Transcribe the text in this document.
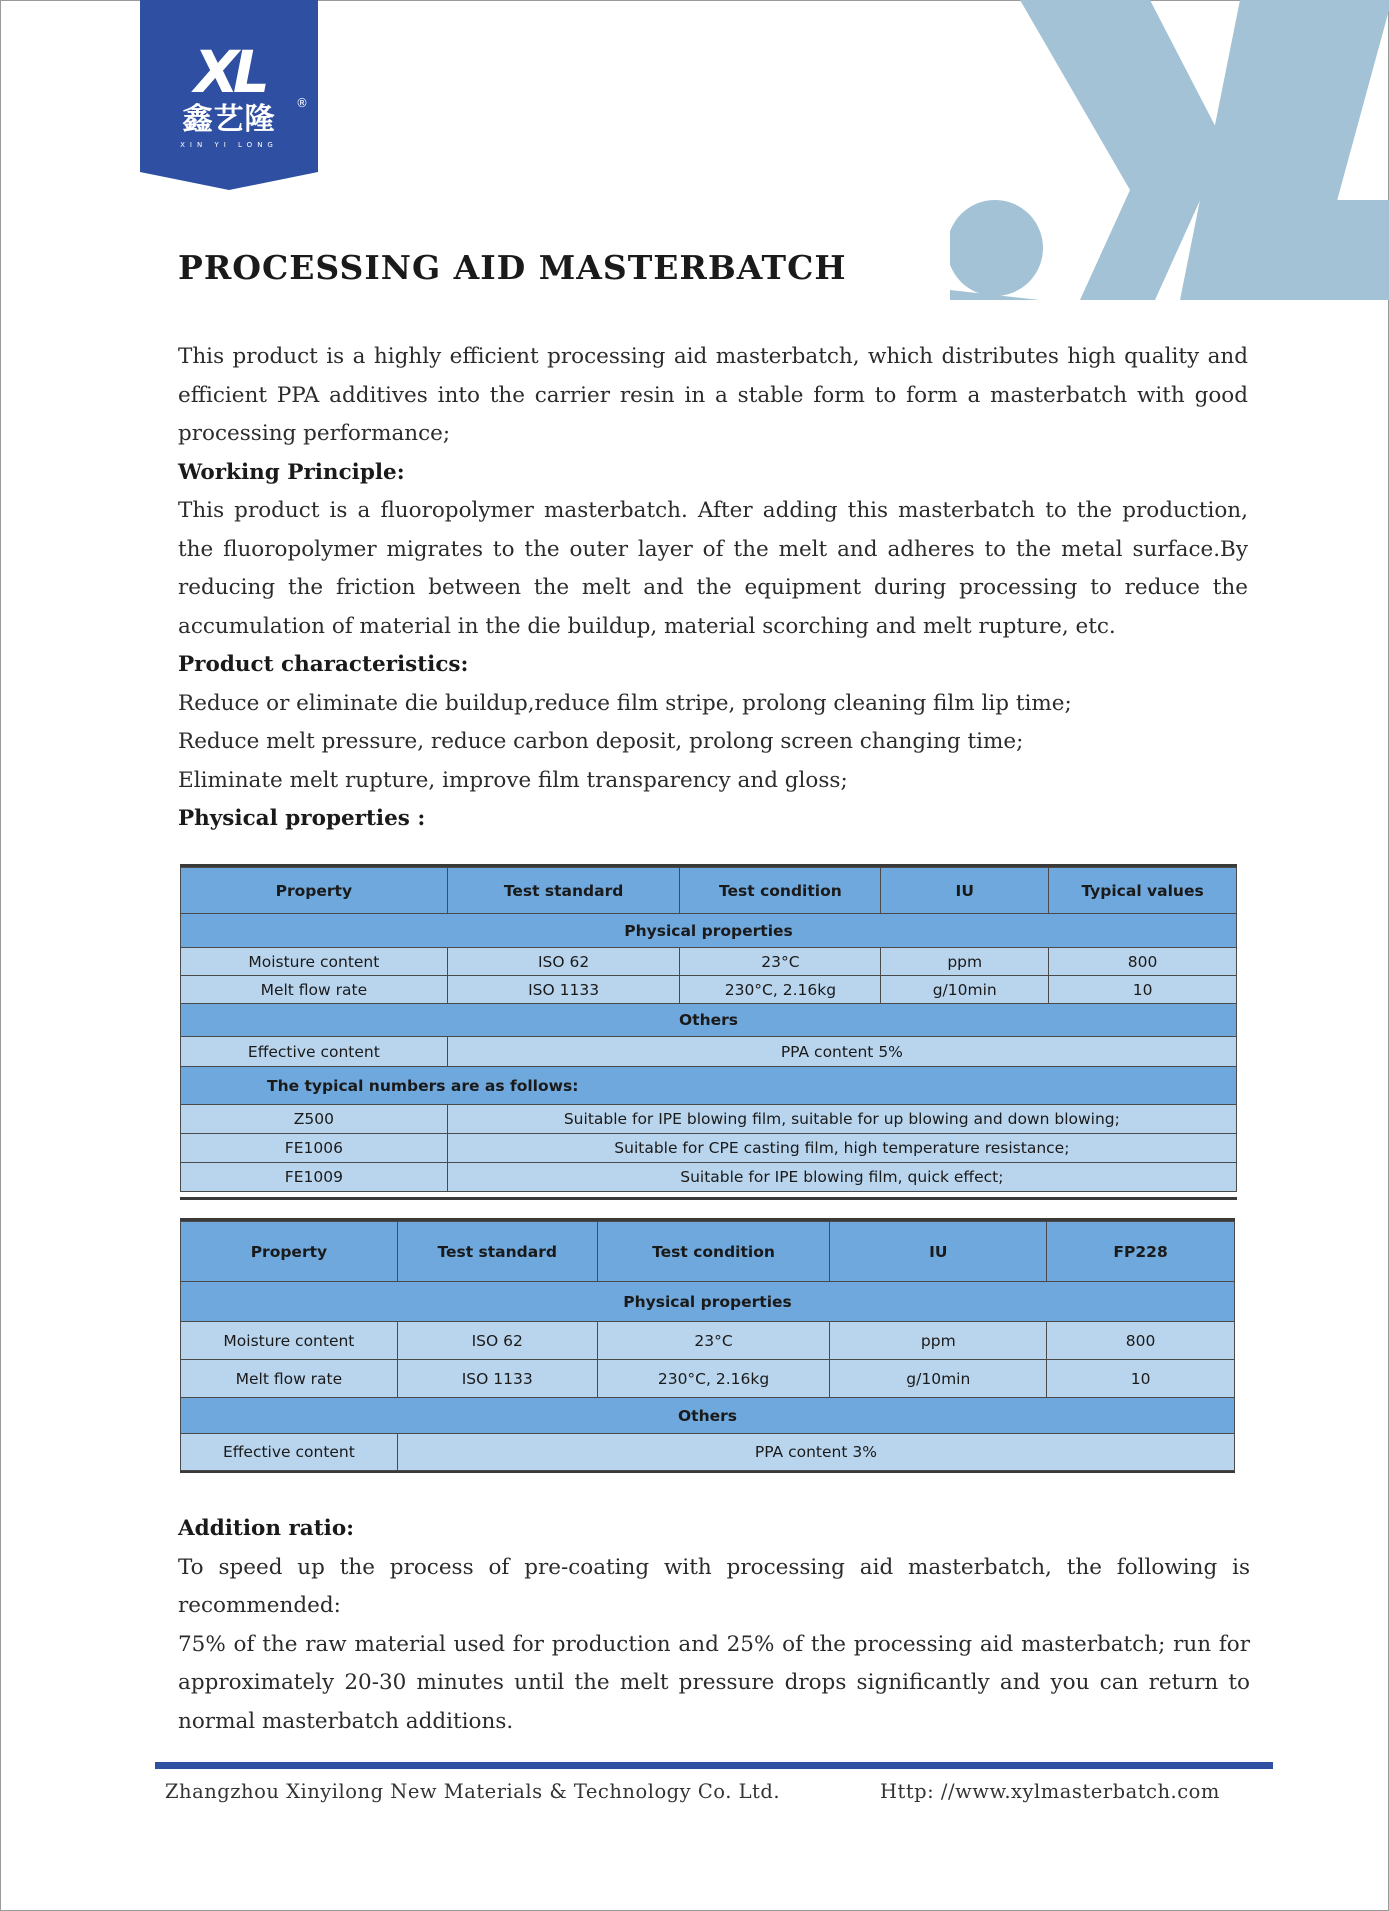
XL
鑫艺隆	®
XIN YI LONG
PROCESSING AID MASTERBATCH

This product is a highly efficient processing aid masterbatch, which distributes high quality and efficient PPA additives into the carrier resin in a stable form to form a masterbatch with good processing performance;

Working Principle:

This product is a fluoropolymer masterbatch. After adding this masterbatch to the production, the fluoropolymer migrates to the outer layer of the melt and adheres to the metal surface.By reducing the friction between the melt and the equipment during processing to reduce the accumulation of material in the die buildup, material scorching and melt rupture, etc.

Product characteristics:

Reduce or eliminate die buildup,reduce film stripe, prolong cleaning film lip time;

Reduce melt pressure, reduce carbon deposit, prolong screen changing time;

Eliminate melt rupture, improve film transparency and gloss;

Physical properties :

Property	Test standard	Test condition	IU	Typical values
Physical properties				
Moisture content	ISO 62	23°C	ppm	800
Melt flow rate	ISO 1133	230°C, 2.16kg	g/10min	10
Others				
Effective content	PPA content 5%			
The typical numbers are as follows:				
Z500	Suitable for IPE blowing film, suitable for up blowing and down blowing;			
FE1006	Suitable for CPE casting film, high temperature resistance;			
FE1009	Suitable for IPE blowing film, quick effect;			
Property	Test standard	Test condition	IU	FP228
Physical properties				
Moisture content	ISO 62	23°C	ppm	800
Melt flow rate	ISO 1133	230°C, 2.16kg	g/10min	10
Others				
Effective content	PPA content 3%			

Addition ratio:

To speed up the process of pre-coating with processing aid masterbatch, the following is recommended:

75% of the raw material used for production and 25% of the processing aid masterbatch; run for approximately 20-30 minutes until the melt pressure drops significantly and you can return to normal masterbatch additions.

Zhangzhou Xinyilong New Materials & Technology Co. Ltd.	Http: //www.xylmasterbatch.com
